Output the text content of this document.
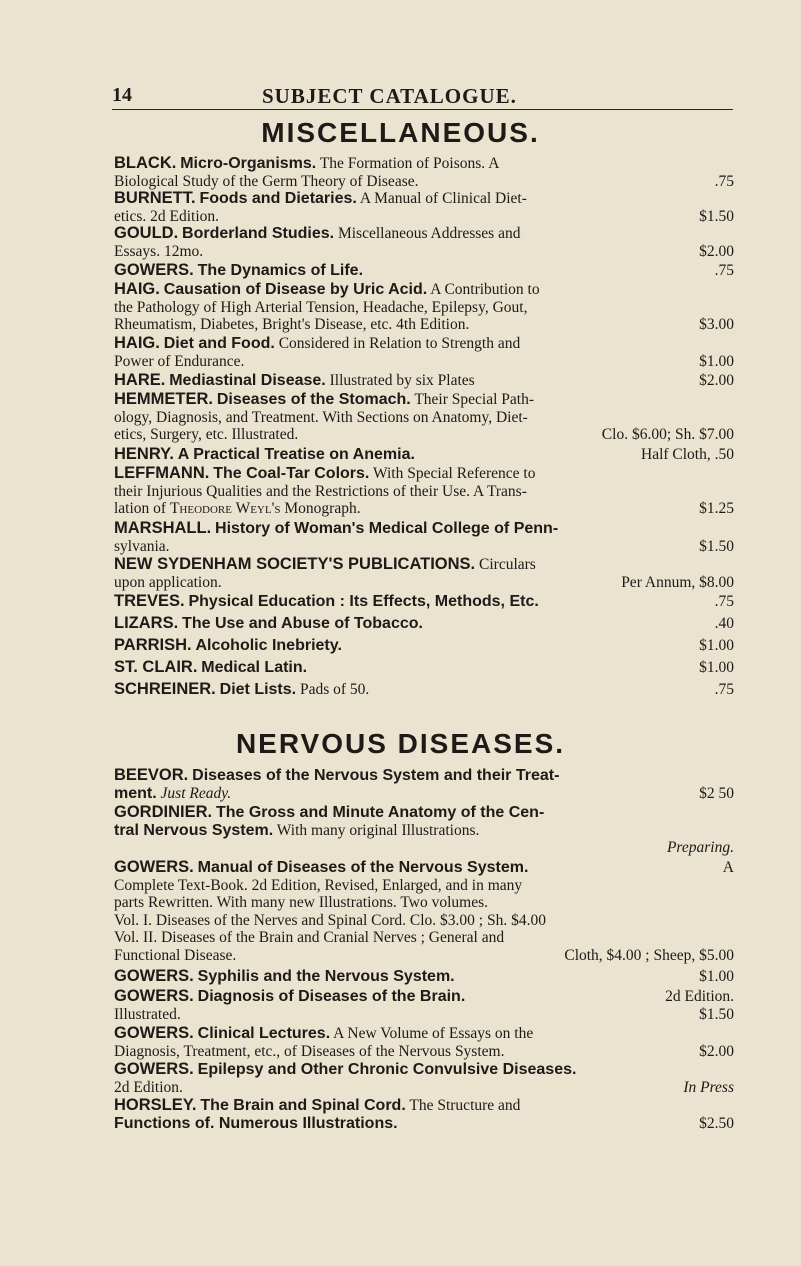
14	SUBJECT CATALOGUE.
MISCELLANEOUS.
BLACK. Micro-Organisms. The Formation of Poisons. A
Biological Study of the Germ Theory of Disease.	.75
BURNETT. Foods and Dietaries. A Manual of Clinical Diet-
etics. 2d Edition.	$1.50
GOULD. Borderland Studies. Miscellaneous Addresses and
Essays. 12mo.	$2.00
GOWERS. The Dynamics of Life.	.75
HAIG. Causation of Disease by Uric Acid. A Contribution to
the Pathology of High Arterial Tension, Headache, Epilepsy, Gout,
Rheumatism, Diabetes, Bright's Disease, etc. 4th Edition.	$3.00
HAIG. Diet and Food. Considered in Relation to Strength and
Power of Endurance.	$1.00
HARE. Mediastinal Disease. Illustrated by six Plates	$2.00
HEMMETER. Diseases of the Stomach. Their Special Path-
ology, Diagnosis, and Treatment. With Sections on Anatomy, Diet-
etics, Surgery, etc. Illustrated.	Clo. $6.00; Sh. $7.00
HENRY. A Practical Treatise on Anemia.	Half Cloth, .50
LEFFMANN. The Coal-Tar Colors. With Special Reference to
their Injurious Qualities and the Restrictions of their Use. A Trans-
lation of Theodore Weyl's Monograph.	$1.25
MARSHALL. History of Woman's Medical College of Penn-
sylvania.	$1.50
NEW SYDENHAM SOCIETY'S PUBLICATIONS. Circulars
upon application.	Per Annum, $8.00
TREVES. Physical Education : Its Effects, Methods, Etc.	.75
LIZARS. The Use and Abuse of Tobacco.	.40
PARRISH. Alcoholic Inebriety.	$1.00
ST. CLAIR. Medical Latin.	$1.00
SCHREINER. Diet Lists. Pads of 50.	.75
NERVOUS DISEASES.
BEEVOR. Diseases of the Nervous System and their Treat-
ment. Just Ready.	$2 50
GORDINIER. The Gross and Minute Anatomy of the Cen-
tral Nervous System. With many original Illustrations.
Preparing.
GOWERS. Manual of Diseases of the Nervous System.	A
Complete Text-Book. 2d Edition, Revised, Enlarged, and in many
parts Rewritten. With many new Illustrations. Two volumes.
Vol. I. Diseases of the Nerves and Spinal Cord. Clo. $3.00 ; Sh. $4.00
Vol. II. Diseases of the Brain and Cranial Nerves ; General and
Functional Disease.	Cloth, $4.00 ; Sheep, $5.00
GOWERS. Syphilis and the Nervous System.	$1.00
GOWERS. Diagnosis of Diseases of the Brain.	2d Edition.
Illustrated.	$1.50
GOWERS. Clinical Lectures. A New Volume of Essays on the
Diagnosis, Treatment, etc., of Diseases of the Nervous System.	$2.00
GOWERS. Epilepsy and Other Chronic Convulsive Diseases.
2d Edition.	In Press
HORSLEY. The Brain and Spinal Cord. The Structure and
Functions of. Numerous Illustrations.	$2.50
